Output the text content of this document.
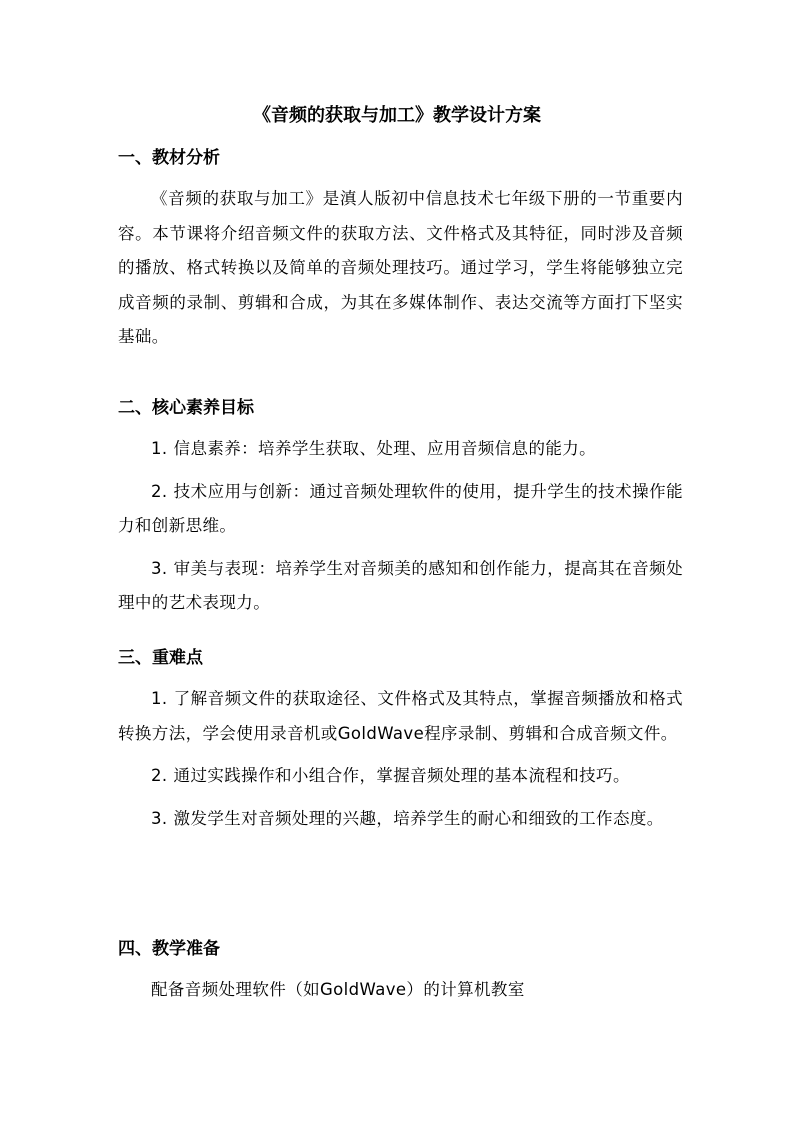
《音频的获取与加工》教学设计方案
一、教材分析
《音频的获取与加工》是滇人版初中信息技术七年级下册的一节重要内容。本节课将介绍音频文件的获取方法、文件格式及其特征，同时涉及音频的播放、格式转换以及简单的音频处理技巧。通过学习，学生将能够独立完成音频的录制、剪辑和合成，为其在多媒体制作、表达交流等方面打下坚实基础。
二、核心素养目标
1. 信息素养：培养学生获取、处理、应用音频信息的能力。
2. 技术应用与创新：通过音频处理软件的使用，提升学生的技术操作能力和创新思维。
3. 审美与表现：培养学生对音频美的感知和创作能力，提高其在音频处理中的艺术表现力。
三、重难点
1. 了解音频文件的获取途径、文件格式及其特点，掌握音频播放和格式转换方法，学会使用录音机或GoldWave程序录制、剪辑和合成音频文件。
2. 通过实践操作和小组合作，掌握音频处理的基本流程和技巧。
3. 激发学生对音频处理的兴趣，培养学生的耐心和细致的工作态度。
四、教学准备
配备音频处理软件（如GoldWave）的计算机教室
